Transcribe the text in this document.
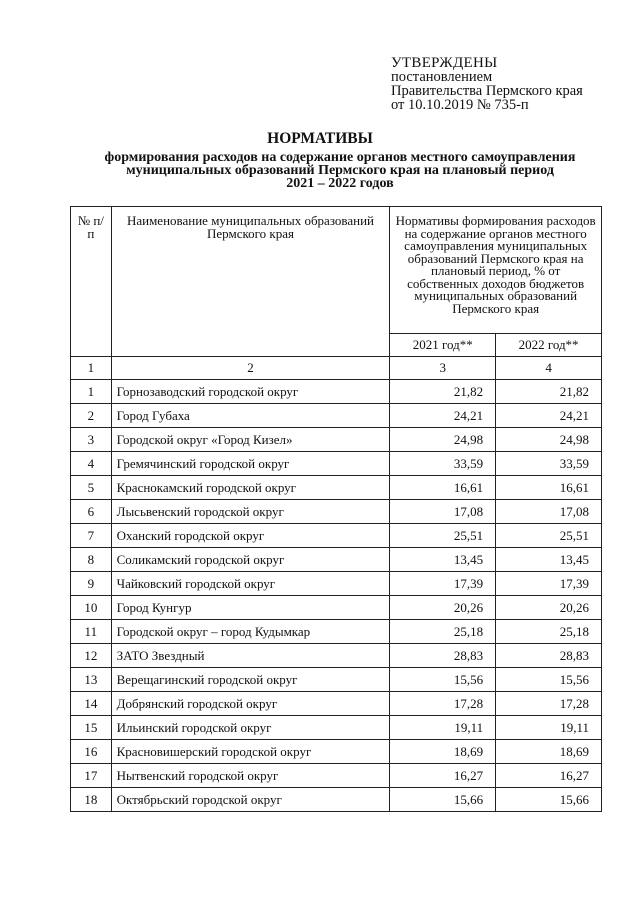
УТВЕРЖДЕНЫ
постановлением
Правительства Пермского края
от 10.10.2019 № 735-п
НОРМАТИВЫ
формирования расходов на содержание органов местного самоуправления
муниципальных образований Пермского края на плановый период
2021 – 2022 годов
№ п/п	Наименование муниципальных образований Пермского края	Нормативы формирования расходов на содержание органов местного самоуправления муниципальных образований Пермского края на плановый период, % от собственных доходов бюджетов муниципальных образований Пермского края	
		2021 год**	2022 год**
1	2	3	4
1	Горнозаводский городской округ	21,82	21,82
2	Город Губаха	24,21	24,21
3	Городской округ «Город Кизел»	24,98	24,98
4	Гремячинский городской округ	33,59	33,59
5	Краснокамский городской округ	16,61	16,61
6	Лысьвенский городской округ	17,08	17,08
7	Оханский городской округ	25,51	25,51
8	Соликамский городской округ	13,45	13,45
9	Чайковский городской округ	17,39	17,39
10	Город Кунгур	20,26	20,26
11	Городской округ – город Кудымкар	25,18	25,18
12	ЗАТО Звездный	28,83	28,83
13	Верещагинский городской округ	15,56	15,56
14	Добрянский городской округ	17,28	17,28
15	Ильинский городской округ	19,11	19,11
16	Красновишерский городской округ	18,69	18,69
17	Нытвенский городской округ	16,27	16,27
18	Октябрьский городской округ	15,66	15,66
